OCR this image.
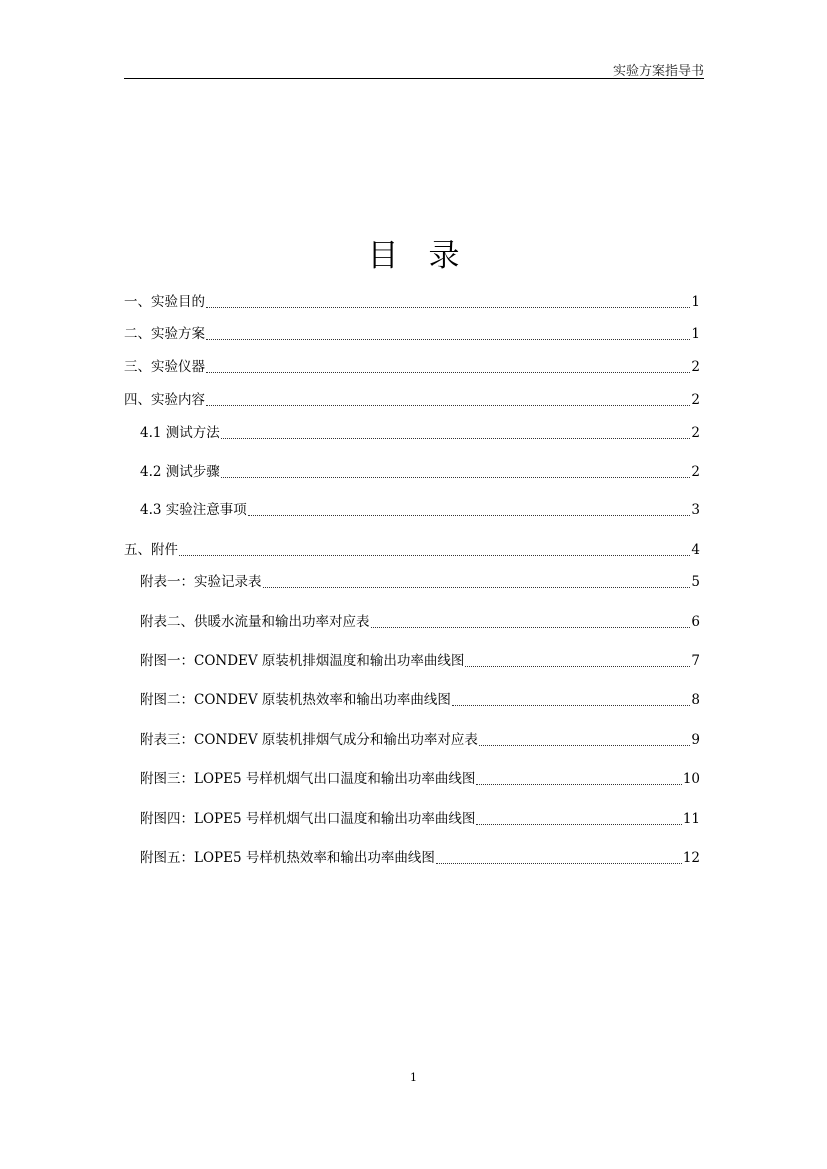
实验方案指导书
目录
一、实验目的	1
二、实验方案	1
三、实验仪器	2
四、实验内容	2
4.1 测试方法	2
4.2 测试步骤	2
4.3 实验注意事项	3
五、附件	4
附表一：实验记录表	5
附表二、供暖水流量和输出功率对应表	6
附图一：CONDEV 原装机排烟温度和输出功率曲线图	7
附图二：CONDEV 原装机热效率和输出功率曲线图	8
附表三：CONDEV 原装机排烟气成分和输出功率对应表	9
附图三：LOPE5 号样机烟气出口温度和输出功率曲线图	10
附图四：LOPE5 号样机烟气出口温度和输出功率曲线图	11
附图五：LOPE5 号样机热效率和输出功率曲线图	12
1
